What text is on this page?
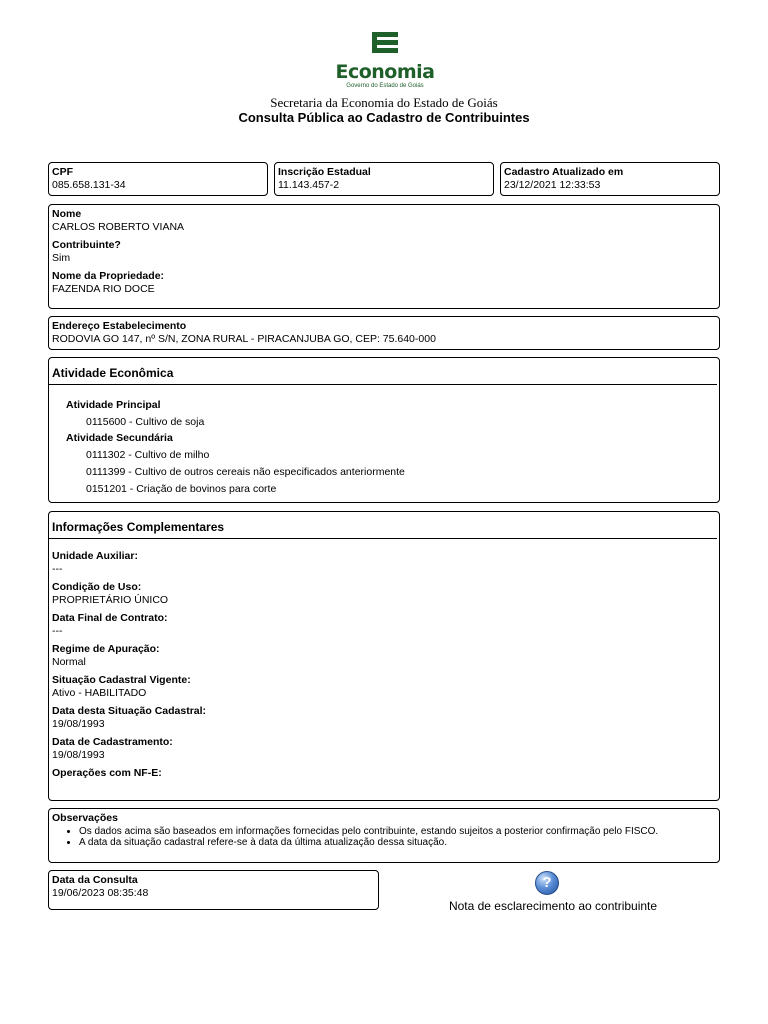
Economia
Governo do Estado de Goiás
Secretaria da Economia do Estado de Goiás
Consulta Pública ao Cadastro de Contribuintes
CPF
085.658.131-34
Inscrição Estadual
11.143.457-2
Cadastro Atualizado em
23/12/2021 12:33:53
Nome
CARLOS ROBERTO VIANA
Contribuinte?
Sim
Nome da Propriedade:
FAZENDA RIO DOCE
Endereço Estabelecimento
RODOVIA GO 147, nº S/N, ZONA RURAL - PIRACANJUBA GO, CEP: 75.640-000
Atividade Econômica
Atividade Principal
0115600 - Cultivo de soja
Atividade Secundária
0111302 - Cultivo de milho
0111399 - Cultivo de outros cereais não especificados anteriormente
0151201 - Criação de bovinos para corte
Informações Complementares
Unidade Auxiliar:
---
Condição de Uso:
PROPRIETÁRIO ÚNICO
Data Final de Contrato:
---
Regime de Apuração:
Normal
Situação Cadastral Vigente:
Ativo - HABILITADO
Data desta Situação Cadastral:
19/08/1993
Data de Cadastramento:
19/08/1993
Operações com NF-E:
Observações
• Os dados acima são baseados em informações fornecidas pelo contribuinte, estando sujeitos a posterior confirmação pelo FISCO.
• A data da situação cadastral refere-se à data da última atualização dessa situação.
Data da Consulta
19/06/2023 08:35:48
?
Nota de esclarecimento ao contribuinte
